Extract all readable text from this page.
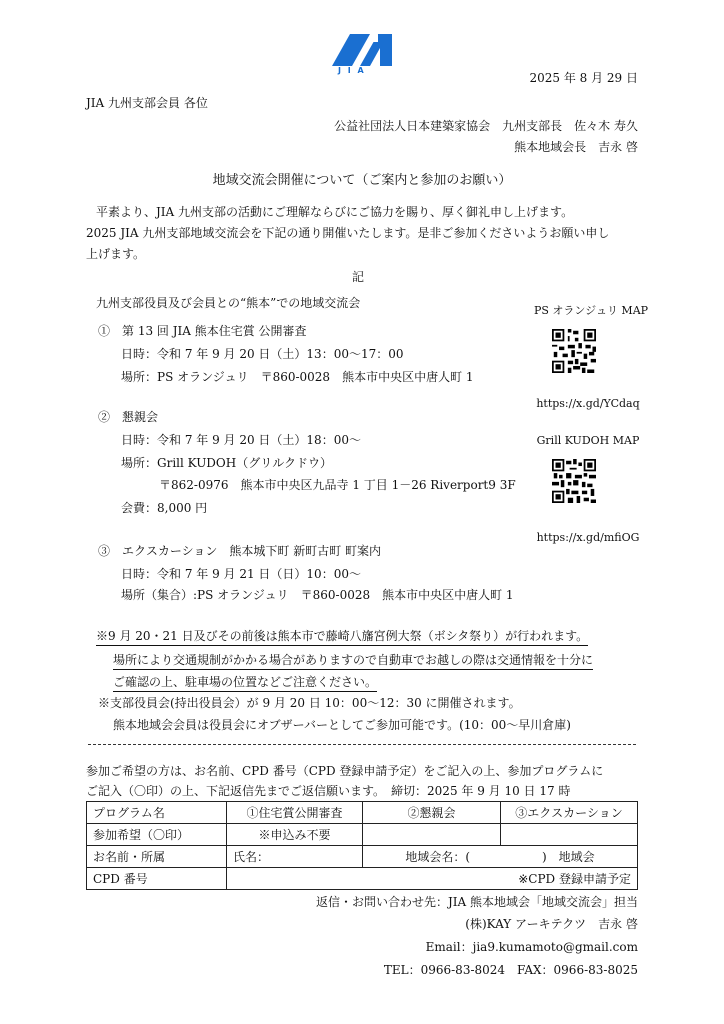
J I A
2025 年 8 月 29 日
JIA 九州支部会員 各位
公益社団法人日本建築家協会　九州支部長　佐々木 寿久
熊本地域会長　吉永 啓
地域交流会開催について（ご案内と参加のお願い）
平素より、JIA 九州支部の活動にご理解ならびにご協力を賜り、厚く御礼申し上げます。
2025 JIA 九州支部地域交流会を下記の通り開催いたします。是非ご参加くださいようお願い申し
上げます。
記
九州支部役員及び会員との“熊本”での地域交流会
①　第 13 回 JIA 熊本住宅賞 公開審査
日時：令和 7 年 9 月 20 日（土）13：00〜17：00
場所：PS オランジュリ　〒860-0028　熊本市中央区中唐人町 1
②　懇親会
日時：令和 7 年 9 月 20 日（土）18：00〜
場所：Grill KUDOH（グリルクドウ）
〒862-0976　熊本市中央区九品寺 1 丁目 1－26 Riverport9 3F
会費：8,000 円
③　エクスカーション　熊本城下町 新町古町 町案内
日時：令和 7 年 9 月 21 日（日）10：00〜
場所（集合）:PS オランジュリ　〒860-0028　熊本市中央区中唐人町 1
PS オランジュリ MAP
https://x.gd/YCdaq
Grill KUDOH MAP
https://x.gd/mfiOG
※9 月 20・21 日及びその前後は熊本市で藤崎八旛宮例大祭（ボシタ祭り）が行われます。
場所により交通規制がかかる場合がありますので自動車でお越しの際は交通情報を十分に
ご確認の上、駐車場の位置などご注意ください。
※支部役員会(持出役員会）が 9 月 20 日 10：00〜12：30 に開催されます。
熊本地域会会員は役員会にオブザーバーとしてご参加可能です。(10：00〜早川倉庫)
参加ご希望の方は、お名前、CPD 番号（CPD 登録申請予定）をご記入の上、参加プログラムに
ご記入（〇印）の上、下記返信先までご返信願います。　締切：2025 年 9 月 10 日 17 時
プログラム名	①住宅賞公開審査	②懇親会	③エクスカーション
参加希望（〇印）	※申込み不要		
お名前・所属	氏名：	地域会名：(　　　　　　)　地域会	
CPD 番号	※CPD 登録申請予定		
返信・お問い合わせ先：JIA 熊本地域会「地域交流会」担当
(株)KAY アーキテクツ　吉永 啓
Email：jia9.kumamoto@gmail.com
TEL：0966-83-8024　FAX：0966-83-8025
